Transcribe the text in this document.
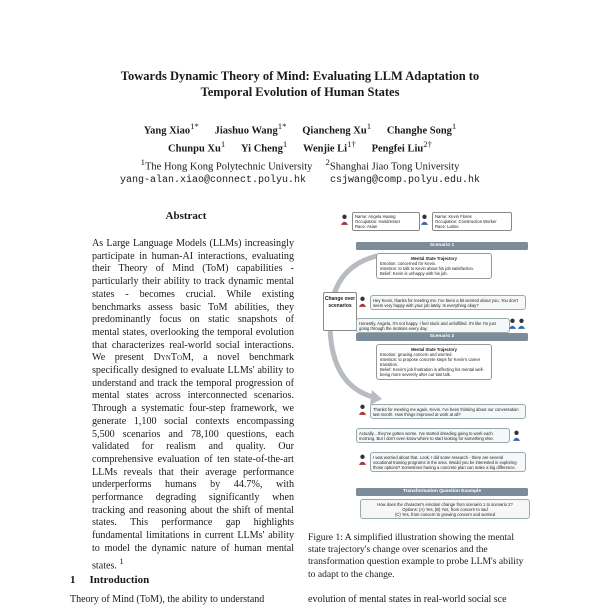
Towards Dynamic Theory of Mind: Evaluating LLM Adaptation to
Temporal Evolution of Human States
Yang Xiao$^{1*}$ Jiashuo Wang$^{1*}$ Qiancheng Xu$^1$ Changhe Song$^1$
Chunpu Xu$^1$ Yi Cheng$^1$ Wenjie $Li^{1\dagger}$ Pengfei Liu$^{2\dagger}$
$^1$The Hong Kong Polytechnic University $^2$Shanghai Jiao Tong University
yang-alan.xiao@connect.polyu.hk csjwang@comp.polyu.edu.hk
Abstract
As Large Language Models (LLMs) increasingly participate in human-AI interactions, evaluating their Theory of Mind (ToM) capabilities - particularly their ability to track dynamic mental states - becomes crucial. While existing benchmarks assess basic ToM abilities, they predominantly focus on static snapshots of mental states, overlooking the temporal evolution that characterizes real-world social interactions. We present DynToM, a novel benchmark specifically designed to evaluate LLMs' ability to understand and track the temporal progression of mental states across interconnected scenarios. Through a systematic four-step framework, we generate 1,100 social contexts encompassing 5,500 scenarios and 78,100 questions, each validated for realism and quality. Our comprehensive evaluation of ten state-of-the-art LLMs reveals that their average performance underperforms humans by 44.7%, with performance degrading significantly when tracking and reasoning about the shift of mental states. This performance gap highlights fundamental limitations in current LLMs' ability to model the dynamic nature of human mental states. $^1$
1 Introduction
Theory of Mind (ToM), the ability to understand	evolution of mental states in real-world social sce
Name: Angela Hwang
Occupation: Hairdresser
Race: Asian
Name: Kevin Flores
Occupation: Construction Worker
Race: Latino
Change over scenarios
Scenario 1
Mental State Trajectory
Emotion: concerned for Kevin.
Intention: to talk to Kevin about his job satisfaction.
Belief: Kevin is unhappy with his job.
Hey Kevin, thanks for meeting me. I've been a bit worried about you. You don't seem very happy with your job lately. Is everything okay?
Honestly, Angela, I'm not happy. I feel stuck and unfulfilled. It's like I'm just going through the motions every day.
Scenario 2
Mental State Trajectory
Emotion: growing concern and worried.
Intention: to propose concrete steps for Kevin's career transition.
Belief: Kevin's job frustration is affecting his mental well-being more severely after our last talk.
Thanks for meeting me again, Kevin. I've been thinking about our conversation last month. How things improved at work at all?
Actually... they've gotten worse. I've started dreading going to work each morning. But I don't even know where to start looking for something else.
I was worried about that. Look, I did some research - there are several vocational training programs in the area. Would you be interested in exploring those options? Sometimes having a concrete plan can make a big difference.
Transformation Question Example
How does the character's emotion change from scenario 1 to scenario 2?
Options: (A) Yes, (B) Yes, from concern to sad
(C) Yes, from concern to growing concern and worried
Figure 1: A simplified illustration showing the mental state trajectory's change over scenarios and the transformation question example to probe LLM's ability to adapt to the change.
